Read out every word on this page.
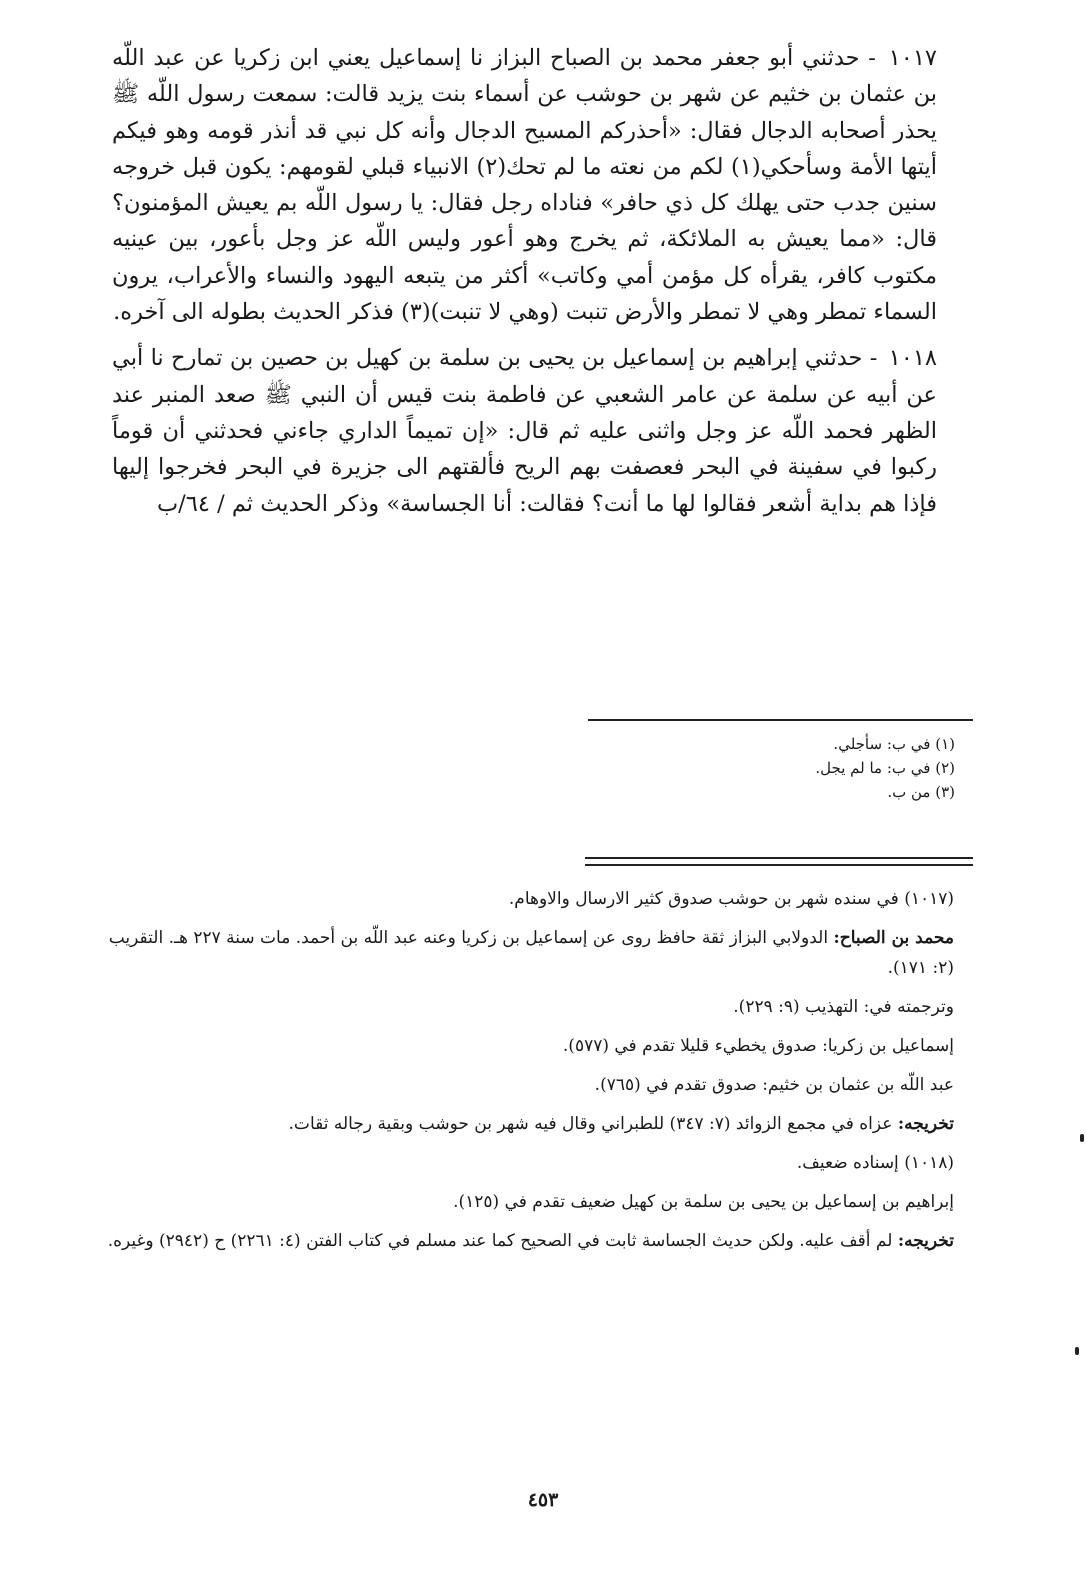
١٠١٧ - حدثني أبو جعفر محمد بن الصباح البزاز نا إسماعيل يعني ابن زكريا عن عبد اللّه بن عثمان بن خثيم عن شهر بن حوشب عن أسماء بنت يزيد قالت: سمعت رسول اللّه ﷺ يحذر أصحابه الدجال فقال: «أحذركم المسيح الدجال وأنه كل نبي قد أنذر قومه وهو فيكم أيتها الأمة وسأحكي(١) لكم من نعته ما لم تحك(٢) الانبياء قبلي لقومهم: يكون قبل خروجه سنين جدب حتى يهلك كل ذي حافر» فناداه رجل فقال: يا رسول اللّه بم يعيش المؤمنون؟ قال: «مما يعيش به الملائكة، ثم يخرج وهو أعور وليس اللّه عز وجل بأعور، بين عينيه مكتوب كافر، يقرأه كل مؤمن أمي وكاتب» أكثر من يتبعه اليهود والنساء والأعراب، يرون السماء تمطر وهي لا تمطر والأرض تنبت (وهي لا تنبت)(٣) فذكر الحديث بطوله الى آخره.

١٠١٨ - حدثني إبراهيم بن إسماعيل بن يحيى بن سلمة بن كهيل بن حصين بن تمارح نا أبي عن أبيه عن سلمة عن عامر الشعبي عن فاطمة بنت قيس أن النبي ﷺ صعد المنبر عند الظهر فحمد اللّه عز وجل واثنى عليه ثم قال: «إن تميماً الداري جاءني فحدثني أن قوماً ركبوا في سفينة في البحر فعصفت بهم الريح فألقتهم الى جزيرة في البحر فخرجوا إليها فإذا هم بداية أشعر فقالوا لها ما أنت؟ فقالت: أنا الجساسة» وذكر الحديث ثم / ٦٤/ب

(١) في ب: سأجلي.
(٢) في ب: ما لم يجل.
(٣) من ب.
(١٠١٧) في سنده شهر بن حوشب صدوق كثير الارسال والاوهام.
محمد بن الصباح: الدولابي البزاز ثقة حافظ روى عن إسماعيل بن زكريا وعنه عبد اللّه بن أحمد. مات سنة ٢٢٧ هـ. التقريب (٢: ١٧١).
وترجمته في: التهذيب (٩: ٢٢٩).
إسماعيل بن زكريا: صدوق يخطيء قليلا تقدم في (٥٧٧).
عبد اللّه بن عثمان بن خثيم: صدوق تقدم في (٧٦٥).
تخريجه: عزاه في مجمع الزوائد (٧: ٣٤٧) للطبراني وقال فيه شهر بن حوشب وبقية رجاله ثقات.
(١٠١٨) إسناده ضعيف.
إبراهيم بن إسماعيل بن يحيى بن سلمة بن كهيل ضعيف تقدم في (١٢٥).
تخريجه: لم أقف عليه. ولكن حديث الجساسة ثابت في الصحيح كما عند مسلم في كتاب الفتن (٤: ٢٢٦١) ح (٢٩٤٢) وغيره.
٤٥٣
